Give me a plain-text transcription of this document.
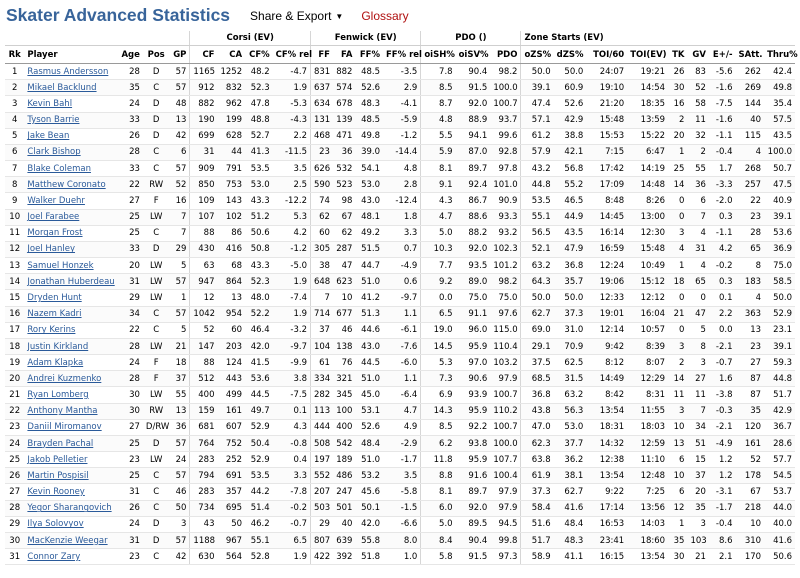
Skater Advanced Statistics Share & Export ▼ Glossary
					Corsi (EV)				Fenwick (EV)				PDO ()			Zone Starts (EV)								
Rk	Player	Age	Pos	GP	CF	CA	CF%	CF% rel	FF	FA	FF%	FF% rel	oiSH%	oiSV%	PDO	oZS%	dZS%	TOI/60	TOI(EV)	TK	GV	E+/-	SAtt.	Thru%
1	Rasmus Andersson	28	D	57	1165	1252	48.2	-4.7	831	882	48.5	-3.5	7.8	90.4	98.2	50.0	50.0	24:07	19:21	26	83	-5.6	262	42.4
2	Mikael Backlund	35	C	57	912	832	52.3	1.9	637	574	52.6	2.9	8.5	91.5	100.0	39.1	60.9	19:10	14:54	30	52	-1.6	269	49.8
3	Kevin Bahl	24	D	48	882	962	47.8	-5.3	634	678	48.3	-4.1	8.7	92.0	100.7	47.4	52.6	21:20	18:35	16	58	-7.5	144	35.4
4	Tyson Barrie	33	D	13	190	199	48.8	-4.3	131	139	48.5	-5.9	4.8	88.9	93.7	57.1	42.9	15:48	13:59	2	11	-1.6	40	57.5
5	Jake Bean	26	D	42	699	628	52.7	2.2	468	471	49.8	-1.2	5.5	94.1	99.6	61.2	38.8	15:53	15:22	20	32	-1.1	115	43.5
6	Clark Bishop	28	C	6	31	44	41.3	-11.5	23	36	39.0	-14.4	5.9	87.0	92.8	57.9	42.1	7:15	6:47	1	2	-0.4	4	100.0
7	Blake Coleman	33	C	57	909	791	53.5	3.5	626	532	54.1	4.8	8.1	89.7	97.8	43.2	56.8	17:42	14:19	25	55	1.7	268	50.7
8	Matthew Coronato	22	RW	52	850	753	53.0	2.5	590	523	53.0	2.8	9.1	92.4	101.0	44.8	55.2	17:09	14:48	14	36	-3.3	257	47.5
9	Walker Duehr	27	F	16	109	143	43.3	-12.2	74	98	43.0	-12.4	4.3	86.7	90.9	53.5	46.5	8:48	8:26	0	6	-2.0	22	40.9
10	Joel Farabee	25	LW	7	107	102	51.2	5.3	62	67	48.1	1.8	4.7	88.6	93.3	55.1	44.9	14:45	13:00	0	7	0.3	23	39.1
11	Morgan Frost	25	C	7	88	86	50.6	4.2	60	62	49.2	3.3	5.0	88.2	93.2	56.5	43.5	16:14	12:30	3	4	-1.1	28	53.6
12	Joel Hanley	33	D	29	430	416	50.8	-1.2	305	287	51.5	0.7	10.3	92.0	102.3	52.1	47.9	16:59	15:48	4	31	4.2	65	36.9
13	Samuel Honzek	20	LW	5	63	68	43.3	-5.0	38	47	44.7	-4.9	7.7	93.5	101.2	63.2	36.8	12:24	10:49	1	4	-0.2	8	75.0
14	Jonathan Huberdeau	31	LW	57	947	864	52.3	1.9	648	623	51.0	0.6	9.2	89.0	98.2	64.3	35.7	19:06	15:12	18	65	0.3	183	58.5
15	Dryden Hunt	29	LW	1	12	13	48.0	-7.4	7	10	41.2	-9.7	0.0	75.0	75.0	50.0	50.0	12:33	12:12	0	0	0.1	4	50.0
16	Nazem Kadri	34	C	57	1042	954	52.2	1.9	714	677	51.3	1.1	6.5	91.1	97.6	62.7	37.3	19:01	16:04	21	47	2.2	363	52.9
17	Rory Kerins	22	C	5	52	60	46.4	-3.2	37	46	44.6	-6.1	19.0	96.0	115.0	69.0	31.0	12:14	10:57	0	5	0.0	13	23.1
18	Justin Kirkland	28	LW	21	147	203	42.0	-9.7	104	138	43.0	-7.6	14.5	95.9	110.4	29.1	70.9	9:42	8:39	3	8	-2.1	23	39.1
19	Adam Klapka	24	F	18	88	124	41.5	-9.9	61	76	44.5	-6.0	5.3	97.0	103.2	37.5	62.5	8:12	8:07	2	3	-0.7	27	59.3
20	Andrei Kuzmenko	28	F	37	512	443	53.6	3.8	334	321	51.0	1.1	7.3	90.6	97.9	68.5	31.5	14:49	12:29	14	27	1.6	87	44.8
21	Ryan Lomberg	30	LW	55	400	499	44.5	-7.5	282	345	45.0	-6.4	6.9	93.9	100.7	36.8	63.2	8:42	8:31	11	11	-3.8	87	51.7
22	Anthony Mantha	30	RW	13	159	161	49.7	0.1	113	100	53.1	4.7	14.3	95.9	110.2	43.8	56.3	13:54	11:55	3	7	-0.3	35	42.9
23	Daniil Miromanov	27	D/RW	36	681	607	52.9	4.3	444	400	52.6	4.9	8.5	92.2	100.7	47.0	53.0	18:31	18:03	10	34	-2.1	120	36.7
24	Brayden Pachal	25	D	57	764	752	50.4	-0.8	508	542	48.4	-2.9	6.2	93.8	100.0	62.3	37.7	14:32	12:59	13	51	-4.9	161	28.6
25	Jakob Pelletier	23	LW	24	283	252	52.9	0.4	197	189	51.0	-1.7	11.8	95.9	107.7	63.8	36.2	12:38	11:10	6	15	1.2	52	57.7
26	Martin Pospisil	25	C	57	794	691	53.5	3.3	552	486	53.2	3.5	8.8	91.6	100.4	61.9	38.1	13:54	12:48	10	37	1.2	178	54.5
27	Kevin Rooney	31	C	46	283	357	44.2	-7.8	207	247	45.6	-5.8	8.1	89.7	97.9	37.3	62.7	9:22	7:25	6	20	-3.1	67	53.7
28	Yegor Sharangovich	26	C	50	734	695	51.4	-0.2	503	501	50.1	-1.5	6.0	92.0	97.9	58.4	41.6	17:14	13:56	12	35	-1.7	218	44.0
29	Ilya Solovyov	24	D	3	43	50	46.2	-0.7	29	40	42.0	-6.6	5.0	89.5	94.5	51.6	48.4	16:53	14:03	1	3	-0.4	10	40.0
30	MacKenzie Weegar	31	D	57	1188	967	55.1	6.5	807	639	55.8	8.0	8.4	90.4	99.8	51.7	48.3	23:41	18:60	35	103	8.6	310	41.6
31	Connor Zary	23	C	42	630	564	52.8	1.9	422	392	51.8	1.0	5.8	91.5	97.3	58.9	41.1	16:15	13:54	30	21	2.1	170	50.6
